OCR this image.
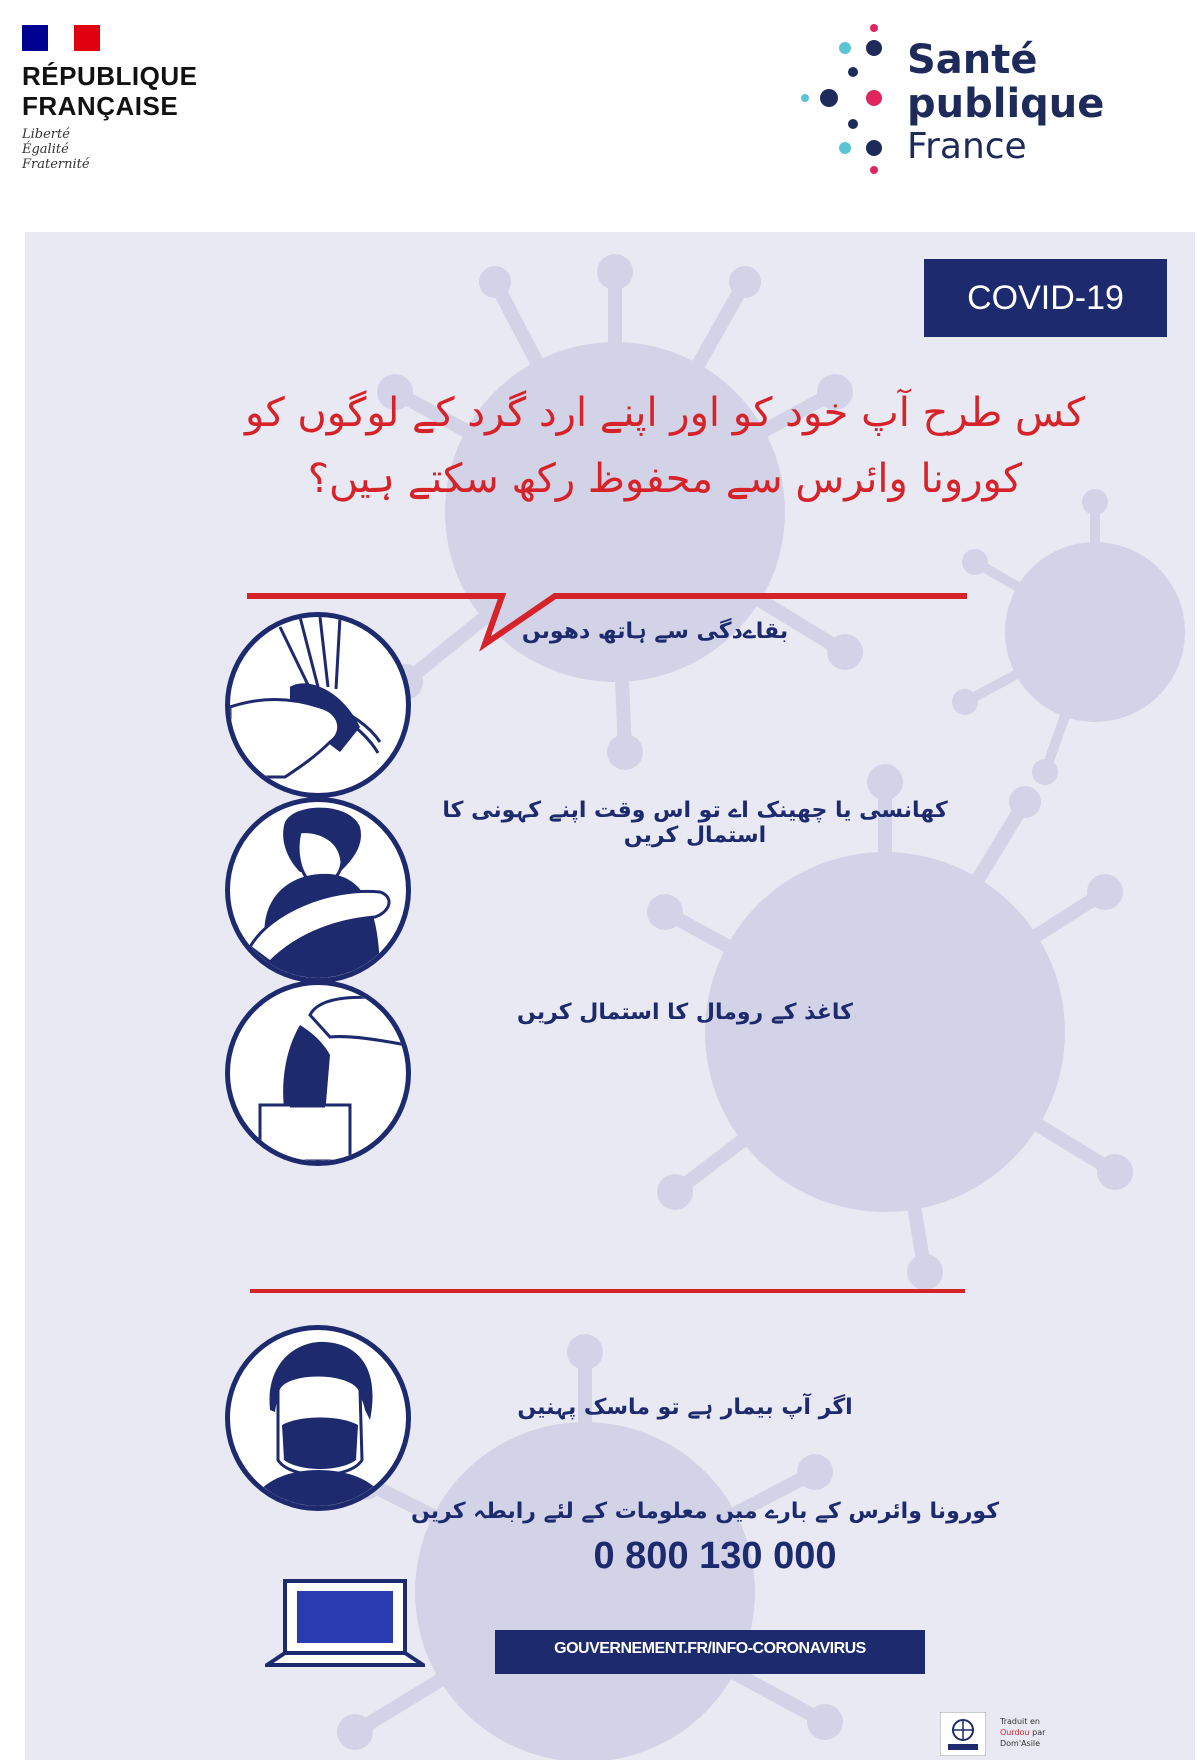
RÉPUBLIQUE
FRANÇAISE
Liberté
Égalité
Fraternité
Santé
publique
France
COVID-19
کس طرح آپ خود کو اور اپنے ارد گرد کے لوگوں کو
کورونا وائرس سے محفوظ رکھ سکتے ہیں؟
بقاےدگی سے ہاتھ دھوىں
کھانسی یا چھینک اے تو اس وقت اپنے کہونی کا استمال کریں
کاغذ کے رومال کا استمال کریں
اگر آپ بیمار ہے تو ماسک پہنیں
کورونا وائرس کے بارے میں معلومات کے لئے رابطہ کریں
0 800 130 000
GOUVERNEMENT.FR/INFO-CORONAVIRUS
Traduit en
Ourdou par
Dom'Asile
